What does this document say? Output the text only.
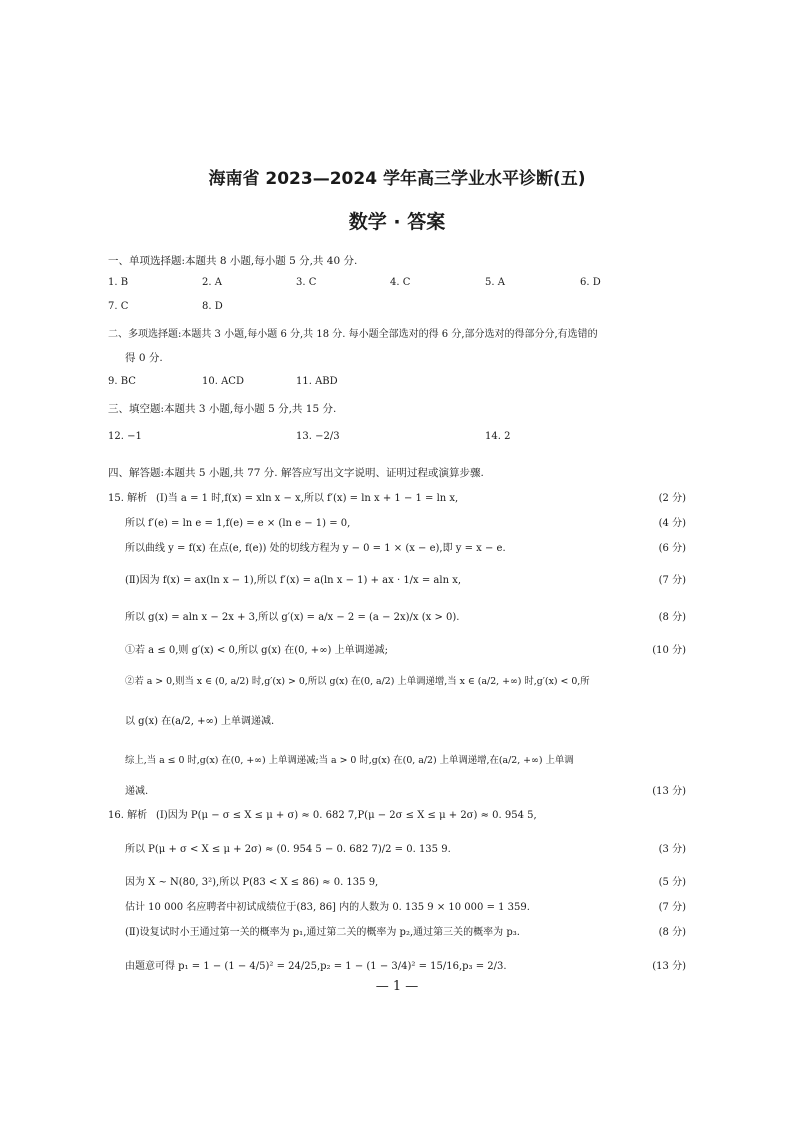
海南省 2023—2024 学年高三学业水平诊断(五)
数学 · 答案
一、单项选择题:本题共 8 小题,每小题 5 分,共 40 分.
1. B	2. A	3. C	4. C	5. A	6. D
7. C	8. D
二、多项选择题:本题共 3 小题,每小题 6 分,共 18 分. 每小题全部选对的得 6 分,部分选对的得部分分,有选错的
得 0 分.
9. BC	10. ACD	11. ABD
三、填空题:本题共 3 小题,每小题 5 分,共 15 分.
12. −1	13. −2/3	14. 2
四、解答题:本题共 5 小题,共 77 分. 解答应写出文字说明、证明过程或演算步骤.
15. 解析 (Ⅰ)当 a = 1 时,f(x) = xln x − x,所以 f′(x) = ln x + 1 − 1 = ln x,	(2 分)
所以 f′(e) = ln e = 1,f(e) = e × (ln e − 1) = 0,	(4 分)
所以曲线 y = f(x) 在点(e, f(e)) 处的切线方程为 y − 0 = 1 × (x − e),即 y = x − e.	(6 分)
(Ⅱ)因为 f(x) = ax(ln x − 1),所以 f′(x) = a(ln x − 1) + ax · 1/x = aln x,	(7 分)
所以 g(x) = aln x − 2x + 3,所以 g′(x) = a/x − 2 = (a − 2x)/x (x > 0).	(8 分)
①若 a ≤ 0,则 g′(x) < 0,所以 g(x) 在(0, +∞) 上单调递减;	(10 分)
②若 a > 0,则当 x ∈ (0, a/2) 时,g′(x) > 0,所以 g(x) 在(0, a/2) 上单调递增,当 x ∈ (a/2, +∞) 时,g′(x) < 0,所
以 g(x) 在(a/2, +∞) 上单调递减.
综上,当 a ≤ 0 时,g(x) 在(0, +∞) 上单调递减;当 a > 0 时,g(x) 在(0, a/2) 上单调递增,在(a/2, +∞) 上单调
递减.	(13 分)
16. 解析 (Ⅰ)因为 P(μ − σ ≤ X ≤ μ + σ) ≈ 0. 682 7,P(μ − 2σ ≤ X ≤ μ + 2σ) ≈ 0. 954 5,
所以 P(μ + σ < X ≤ μ + 2σ) ≈ (0. 954 5 − 0. 682 7)/2 = 0. 135 9.	(3 分)
因为 X ~ N(80, 3²),所以 P(83 < X ≤ 86) ≈ 0. 135 9,	(5 分)
估计 10 000 名应聘者中初试成绩位于(83, 86] 内的人数为 0. 135 9 × 10 000 = 1 359.	(7 分)
(Ⅱ)设复试时小王通过第一关的概率为 p₁,通过第二关的概率为 p₂,通过第三关的概率为 p₃.	(8 分)
由题意可得 p₁ = 1 − (1 − 4/5)² = 24/25,p₂ = 1 − (1 − 3/4)² = 15/16,p₃ = 2/3.	(13 分)
— 1 —
